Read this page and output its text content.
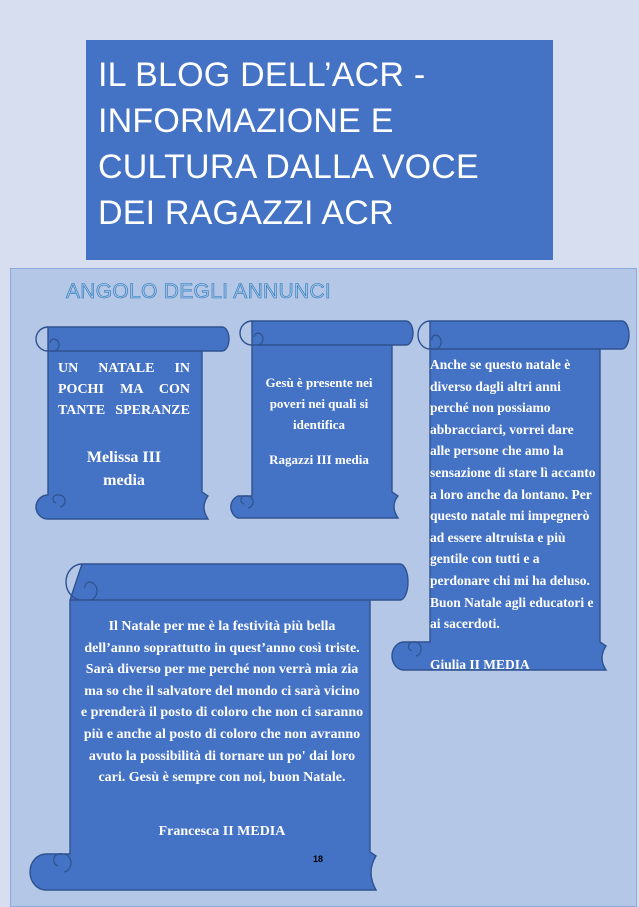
IL BLOG DELL’ACR -
INFORMAZIONE E
CULTURA DALLA VOCE
DEI RAGAZZI ACR
ANGOLO DEGLI ANNUNCI
UN NATALE IN POCHI MA CON TANTE SPERANZE
Melissa III media
Gesù è presente nei poveri nei quali si identifica
Ragazzi III media
Anche se questo natale è diverso dagli altri anni perché non possiamo abbracciarci, vorrei dare alle persone che amo la sensazione di stare lì accanto a loro anche da lontano. Per questo natale mi impegnerò ad essere altruista e più gentile con tutti e a perdonare chi mi ha deluso. Buon Natale agli educatori e ai sacerdoti.
Giulia II MEDIA
Il Natale per me è la festività più bella dell’anno soprattutto in quest’anno così triste. Sarà diverso per me perché non verrà mia zia ma so che il salvatore del mondo ci sarà vicino e prenderà il posto di coloro che non ci saranno più e anche al posto di coloro che non avranno avuto la possibilità di tornare un po' dai loro cari. Gesù è sempre con noi, buon Natale.
Francesca II MEDIA
18
